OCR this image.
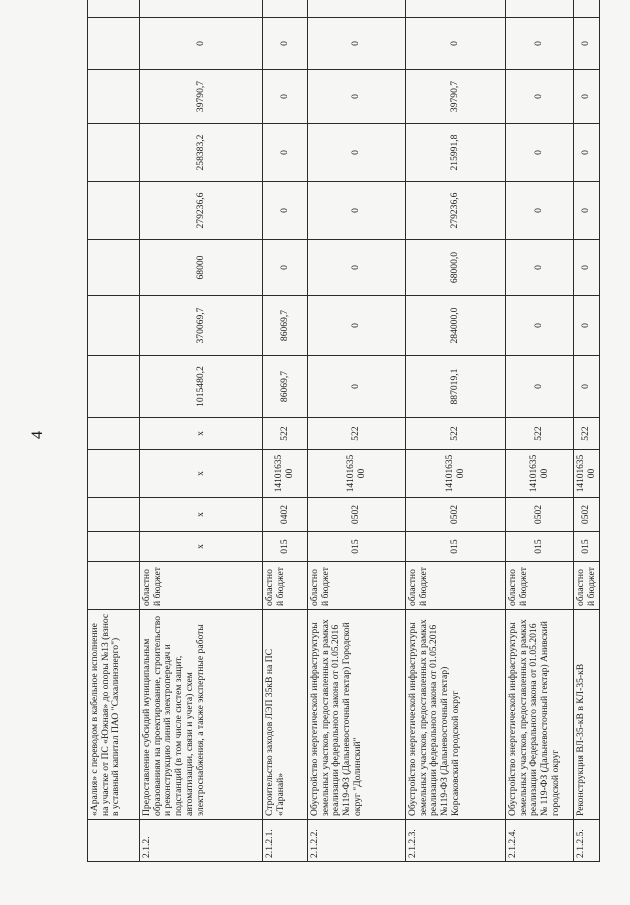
4
	«Аралия» с переводом в кабельное исполнение на участке от ПС «Южная» до опоры №13 (взнос в уставный капитал ПАО "Сахалинэнерго")													
2.1.2.	Предоставление субсидий муниципальным образованиям на проектирование, строительство и реконструкцию линий электропередач и подстанций (в том числе систем защит, автоматизации, связи и учета) схем электроснабжения, а также экспертные работы	областной бюджет	x	x	x	x	1015480,2	370069,7	68000	279236,6	258383,2	39790,7	0	
2.1.2.1.	Строительство заходов ЛЭП 35кВ на ПС «Таранай»	областной бюджет	015	0402	1410163500	522	86069,7	86069,7	0	0	0	0	0	
2.1.2.2.	Обустройство энергетической инфраструктуры земельных участков, предоставленных в рамках реализации федерального закона от 01.05.2016 №119-ФЗ (Дальневосточный гектар) Городской округ "Долинский"	областной бюджет	015	0502	1410163500	522	0	0	0	0	0	0	0	
2.1.2.3.	Обустройство энергетической инфраструктуры земельных участков, предоставленных в рамках реализации федерального закона от 01.05.2016 №119-ФЗ (Дальневосточный гектар) Корсаковский городской округ	областной бюджет	015	0502	1410163500	522	887019,1	284000,0	68000,0	279236,6	215991,8	39790,7	0	
2.1.2.4.	Обустройство энергетической инфраструктуры земельных участков, предоставленных в рамках реализации Федерального закона от 01.05.2016 № 119-ФЗ (Дальневосточный гектар) Анивский городской округ	областной бюджет	015	0502	1410163500	522	0	0	0	0	0	0	0	
2.1.2.5.	Реконструкция ВЛ-35-кВ в КЛ-35-кВ	областной бюджет	015	0502	1410163500	522	0	0	0	0	0	0	0	
